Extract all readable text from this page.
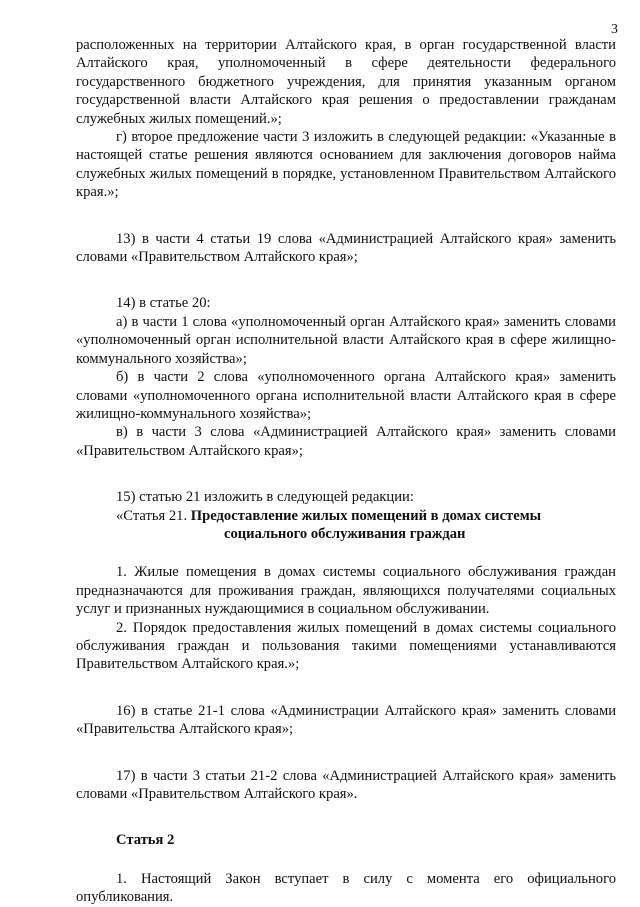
3

расположенных на территории Алтайского края, в орган государственной власти Алтайского края, уполномоченный в сфере деятельности федерального государственного бюджетного учреждения, для принятия указанным органом государственной власти Алтайского края решения о предоставлении гражданам служебных жилых помещений.»;

г) второе предложение части 3 изложить в следующей редакции: «Указанные в настоящей статье решения являются основанием для заключения договоров найма служебных жилых помещений в порядке, установленном Правительством Алтайского края.»;

13) в части 4 статьи 19 слова «Администрацией Алтайского края» заменить словами «Правительством Алтайского края»;

14) в статье 20:

а) в части 1 слова «уполномоченный орган Алтайского края» заменить словами «уполномоченный орган исполнительной власти Алтайского края в сфере жилищно-коммунального хозяйства»;

б) в части 2 слова «уполномоченного органа Алтайского края» заменить словами «уполномоченного органа исполнительной власти Алтайского края в сфере жилищно-коммунального хозяйства»;

в) в части 3 слова «Администрацией Алтайского края» заменить словами «Правительством Алтайского края»;

15) статью 21 изложить в следующей редакции:

«Статья 21. Предоставление жилых помещений в домах системы

социального обслуживания граждан

1. Жилые помещения в домах системы социального обслуживания граждан предназначаются для проживания граждан, являющихся получателями социальных услуг и признанных нуждающимися в социальном обслуживании.

2. Порядок предоставления жилых помещений в домах системы социального обслуживания граждан и пользования такими помещениями устанавливаются Правительством Алтайского края.»;

16) в статье 21-1 слова «Администрации Алтайского края» заменить словами «Правительства Алтайского края»;

17) в части 3 статьи 21-2 слова «Администрацией Алтайского края» заменить словами «Правительством Алтайского края».

Статья 2

1. Настоящий Закон вступает в силу с момента его официального опубликования.
